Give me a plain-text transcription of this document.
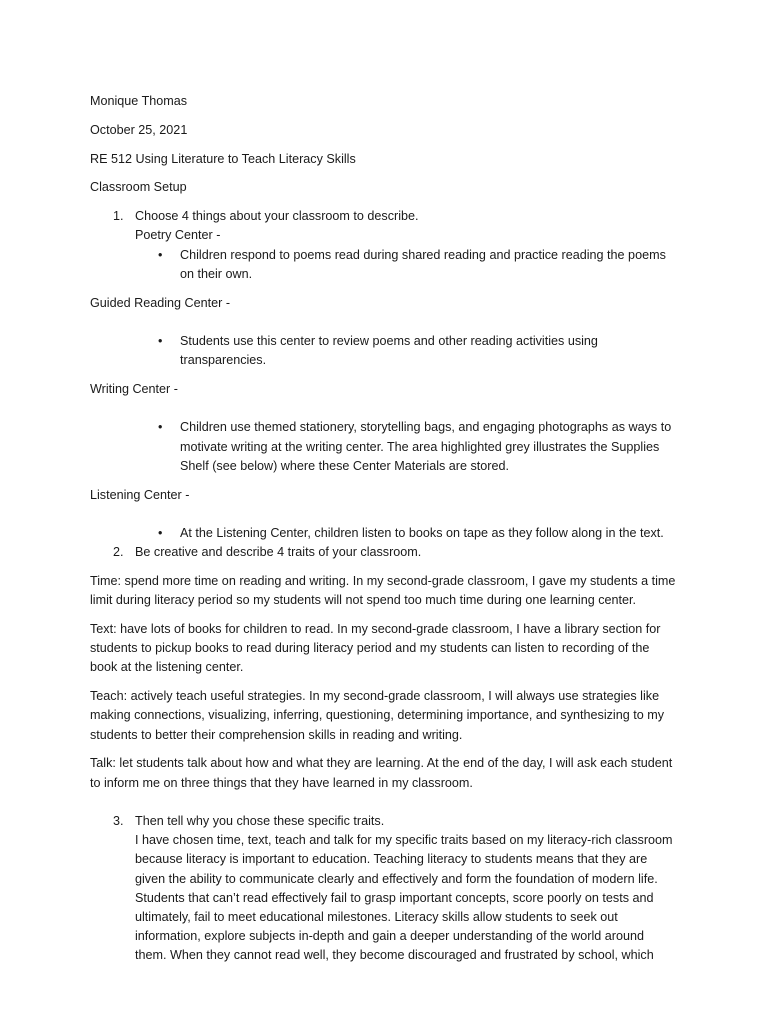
Monique Thomas

October 25, 2021

RE 512 Using Literature to Teach Literacy Skills

Classroom Setup

1. Choose 4 things about your classroom to describe.
Poetry Center -
• Children respond to poems read during shared reading and practice reading the poems on their own.

Guided Reading Center -

• Students use this center to review poems and other reading activities using transparencies.

Writing Center -

• Children use themed stationery, storytelling bags, and engaging photographs as ways to motivate writing at the writing center. The area highlighted grey illustrates the Supplies Shelf (see below) where these Center Materials are stored.

Listening Center -

• At the Listening Center, children listen to books on tape as they follow along in the text.
2. Be creative and describe 4 traits of your classroom.

Time: spend more time on reading and writing. In my second-grade classroom, I gave my students a time limit during literacy period so my students will not spend too much time during one learning center.

Text: have lots of books for children to read. In my second-grade classroom, I have a library section for students to pickup books to read during literacy period and my students can listen to recording of the book at the listening center.

Teach: actively teach useful strategies. In my second-grade classroom, I will always use strategies like making connections, visualizing, inferring, questioning, determining importance, and synthesizing to my students to better their comprehension skills in reading and writing.

Talk: let students talk about how and what they are learning. At the end of the day, I will ask each student to inform me on three things that they have learned in my classroom.

3. Then tell why you chose these specific traits.
I have chosen time, text, teach and talk for my specific traits based on my literacy-rich classroom because literacy is important to education. Teaching literacy to students means that they are given the ability to communicate clearly and effectively and form the foundation of modern life. Students that can’t read effectively fail to grasp important concepts, score poorly on tests and ultimately, fail to meet educational milestones. Literacy skills allow students to seek out information, explore subjects in-depth and gain a deeper understanding of the world around them. When they cannot read well, they become discouraged and frustrated by school, which
